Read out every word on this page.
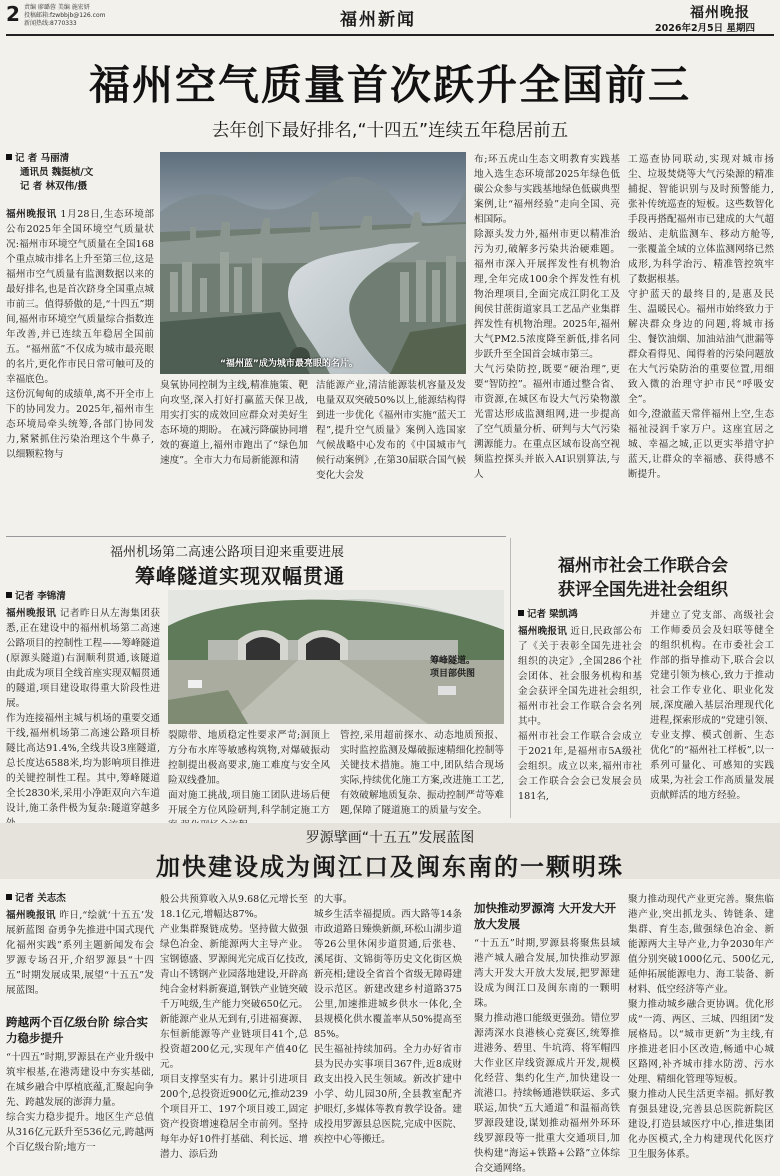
2 责编 廖璐蓉 美编 施宏妍
投稿邮箱:fzwbbjb@126.com
新闻热线:8770333	福州新闻	福州晚报
2026年2月5日 星期四
福州空气质量首次跃升全国前三
去年创下最好排名,“十四五”连续五年稳居前五
记 者 马丽清
通讯员 魏挺桢/文
记 者 林双伟/摄
福州晚报讯 1月28日,生态环境部公布2025年全国环境空气质量状况:福州市环境空气质量在全国168个重点城市排名上升至第三位,这是福州市空气质量有监测数据以来的最好排名,也是首次跻身全国重点城市前三。值得骄傲的是,“十四五”期间,福州市环境空气质量综合指数连年改善,并已连续五年稳居全国前五。“福州蓝”不仅成为城市最亮眼的名片,更化作市民日常可触可及的幸福底色。
这份沉甸甸的成绩单,离不开全市上下的协同发力。2025年,福州市生态环境局牵头统筹,各部门协同发力,紧紧抓住污染治理这个牛鼻子,以细颗粒物与
“福州蓝”成为城市最亮眼的名片。
臭氧协同控制为主线,精准施策、靶向攻坚,深入打好打赢蓝天保卫战,用实打实的成效回应群众对美好生态环境的期盼。 在减污降碳协同增效的赛道上,福州市跑出了“绿色加速度”。全市大力布局新能源和清
洁能源产业,清洁能源装机容量及发电量双双突破50%以上,能源结构得到进一步优化《福州市实施“蓝天工程”,提升空气质量》案例入选国家气候战略中心发布的《中国城市气候行动案例》,在第30届联合国气候变化大会发
布;环五虎山生态文明教育实践基地入选生态环境部2025年绿色低碳公众参与实践基地绿色低碳典型案例,让“福州经验”走向全国、亮相国际。
除源头发力外,福州市更以精准治污为刃,破解多污染共治硬难题。福州市深入开展挥发性有机物治理,全年完成100余个挥发性有机物治理项目,全面完成江阴化工及闽侯甘蔗街道家具工艺品产业集群挥发性有机物治理。2025年,福州大气PM2.5浓度降至新低,排名同步跃升至全国首会城市第三。
大气污染防控,既要“硬治理”,更要“智防控”。福州市通过整合省、市资源,在城区布设大气污染物激光雷达形成监测组网,进一步提高了空气质量分析、研判与大气污染溯源能力。在重点区域布设高空视频监控探头并嵌入AI识别算法,与人
工巡查协同联动,实现对城市扬尘、垃圾焚烧等大气污染源的精准捕捉、智能识别与及时预警能力,张补传统巡查的短板。这些数智化手段再搭配福州市已建成的大气超级站、走航监测车、移动方舱等,一张覆盖全域的立体监测网络已然成形,为科学治污、精准管控筑牢了数据根基。
守护蓝天的最终目的,是惠及民生、温暖民心。福州市始终致力于解决群众身边的问题,将城市扬尘、餐饮油烟、加油站油气泄漏等群众看得见、闻得着的污染问题放在大气污染防治的重要位置,用细致入微的治理守护市民“呼吸安全”。
如今,澄澈蓝天常伴福州上空,生态福祉浸润千家万户。这座宜居之城、幸福之城,正以更实举措守护蓝天,让群众的幸福感、获得感不断提升。
福州机场第二高速公路项目迎来重要进展
筹峰隧道实现双幅贯通
记者 李锦清
福州晚报讯 记者昨日从左海集团获悉,正在建设中的福州机场第二高速公路项目的控制性工程——筹峰隧道(原源头隧道)右洞顺利贯通,该隧道由此成为项目全线首座实现双幅贯通的隧道,项目建设取得重大阶段性进展。
作为连接福州主城与机场的重要交通干线,福州机场第二高速公路项目桥隧比高达91.4%,全线共设3座隧道,总长度达6588米,均为影响项目推进的关键控制性工程。其中,筹峰隧道全长2830米,采用小净距双向六车道设计,施工条件极为复杂:隧道穿越多
筹峰隧道。
项目部供图
裂隙带、地质稳定性要求严苛;洞顶上方分布水库等敏感构筑物,对爆破振动控制提出极高要求,施工难度与安全风险双线叠加。
面对施工挑战,项目施工团队进场后便开展全方位风险研判,科学制定施工方
管控,采用超前探水、动态地质预报、实时监控监测及爆破振速精细化控制等关键技术措施。施工中,团队结合现场实际,持续优化施工方案,改进施工工艺,有效破解地质复杂、振动控制严苛等难题,保障了隧道施工的质量与安全。
福州市社会工作联合会
获评全国先进社会组织
记者 梁凯鸿
福州晚报讯 近日,民政部公布了《关于表彰全国先进社会组织的决定》,全国286个社会团体、社会服务机构和基金会获评全国先进社会组织,福州市社会工作联合会名列其中。
福州市社会工作联合会成立于2021年,是福州市5A级社会组织。成立以来,福州市社会工作联合会会已发展会员181名,
并建立了党支部、高级社会工作师委员会及妇联等健全的组织机构。在市委社会工作部的指导推动下,联合会以党建引领为核心,致力于推动社会工作专业化、职业化发展,深度融入基层治理现代化进程,探索形成的“党建引领、专业支撑、模式创新、生态优化”的“福州社工样板”,以一系列可量化、可感知的实践成果,为社会工作高质量发展贡献鲜活的地方经验。
罗源擘画“十五五”发展蓝图
加快建设成为闽江口及闽东南的一颗明珠
记者 关志杰
福州晚报讯 昨日,“绘就‘十五五’发展新蓝图 奋勇争先推进中国式现代化福州实践”系列主题新闻发布会罗源专场召开,介绍罗源县“十四五”时期发展成果,展望“十五五”发展蓝图。
跨越两个百亿级台阶 综合实力稳步提升
“十四五”时期,罗源县在产业升级中筑牢根基,在港湾建设中夯实基础,在城乡融合中厚植底蕴,汇聚起向争先、跨越发展的澎湃力量。
综合实力稳步提升。地区生产总值从316亿元跃升至536亿元,跨越两个百亿级台阶;地方一
般公共预算收入从9.68亿元增长至18.1亿元,增幅达87%。
产业集群聚链成势。坚持做大做强绿色冶金、新能源两大主导产业。宝钢德盛、罗源闽光完成百亿技改,青山不锈钢产业园落地建设,开辟高纯合金材料新赛道,钢铁产业链突破千万吨级,生产能力突破650亿元。新能源产业从无到有,引进福赛源、东恒新能源等产业链项目41个,总投资超200亿元,实现年产值40亿元。
项目支撑坚实有力。累计引进项目200个,总投资近900亿元,推动239个项目开工、197个项目竣工,固定资产投资增速稳居全市前列。坚持每年办好10件打基础、利长远、增潜力、添后劲
的大事。
城乡生活幸福提质。西大路等14条市政道路日臻焕新颜,环松山湖步道等26公里休闲步道贯通,后张巷、溪尾街、文锦街等历史文化街区焕新亮相;建设全省首个省级无障碍建设示范区。新建改建乡村道路375公里,加速推进城乡供水一体化,全县规模化供水覆盖率从50%提高至85%。
民生福祉持续加码。全力办好省市县为民办实事项目367件,近8成财政支出投入民生领域。新改扩建中小学、幼儿园30所,全县教室配齐护眼灯,多媒体等教育教学设备。建成投用罗源县总医院,完成中医院、疾控中心等搬迁。
加快推动罗源湾 大开发大开放大发展
“十五五”时期,罗源县将聚焦县域港产城人融合发展,加快推动罗源湾大开发大开放大发展,把罗源建设成为闽江口及闽东南的一颗明珠。
聚力推动港口能级更强劲。错位罗源湾深水良港核心竞赛区,统筹推进港务、碧里、牛坑湾、将军帽四大作业区岸线资源成片开发,规模化经营、集约化生产,加快建设一流港口。持续畅通港铁联运、多式联运,加快“五大通道”和温福高铁罗源段建设,谋划推动福州外环环线罗源段等一批重大交通项目,加快构建“海运+铁路+公路”立体综合交通网络。
聚力推动现代产业更完善。聚焦临港产业,突出抓龙头、铸链条、建集群、育生态,做强绿色冶金、新能源两大主导产业,力争2030年产值分别突破1000亿元、500亿元,延伸拓展能源电力、海工装备、新材料、低空经济等产业。
聚力推动城乡融合更协调。优化形成“一湾、两区、三城、四组团”发展格局。以“城市更新”为主线,有序推进老旧小区改造,畅通中心城区路网,补齐城市排水防涝、污水处理、精细化管理等短板。
聚力推动人民生活更幸福。抓好教育强县建设,完善县总医院新院区建设,打造县域医疗中心,推进集团化办医模式,全力构建现代化医疗卫生服务体系。
